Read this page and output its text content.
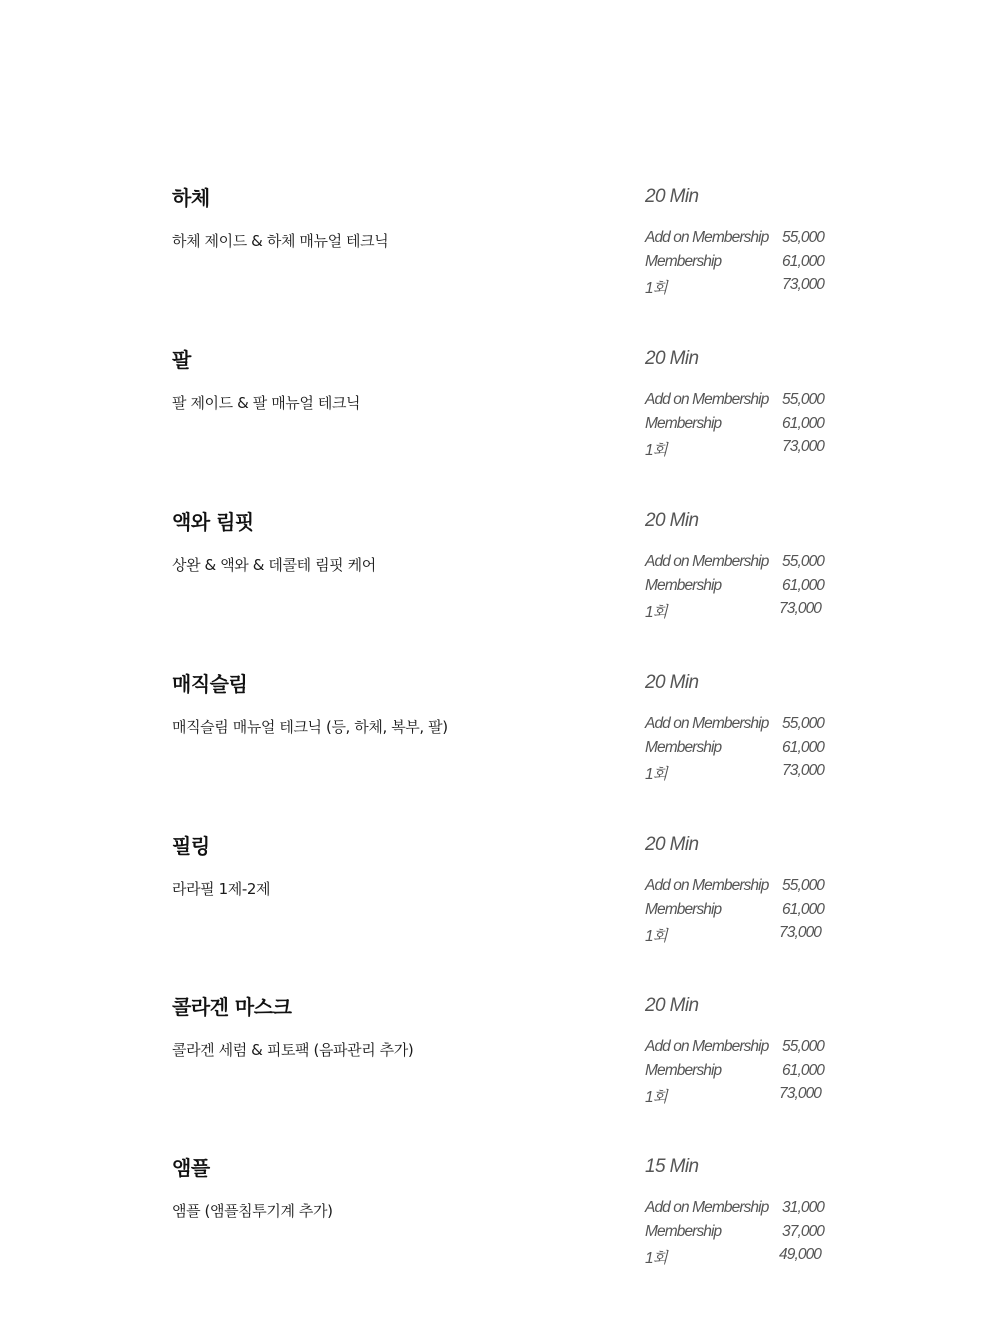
하체
하체 제이드 & 하체 매뉴얼 테크닉
20 Min
Add on Membership 55,000
Membership	61,000
1회	73,000
팔
팔 제이드 & 팔 매뉴얼 테크닉
20 Min
Add on Membership 55,000
Membership	61,000
1회	73,000
액와 림핏
상완 & 액와 & 데콜테 림핏 케어
20 Min
Add on Membership 55,000
Membership	61,000
1회	73,000
매직슬림
매직슬림 매뉴얼 테크닉 (등, 하체, 복부, 팔)
20 Min
Add on Membership 55,000
Membership	61,000
1회	73,000
필링
라라필 1제-2제
20 Min
Add on Membership 55,000
Membership	61,000
1회	73,000
콜라겐 마스크
콜라겐 세럼 & 피토팩 (음파관리 추가)
20 Min
Add on Membership 55,000
Membership	61,000
1회	73,000
앰플
앰플 (앰플침투기계 추가)
15 Min
Add on Membership 31,000
Membership	37,000
1회	49,000
